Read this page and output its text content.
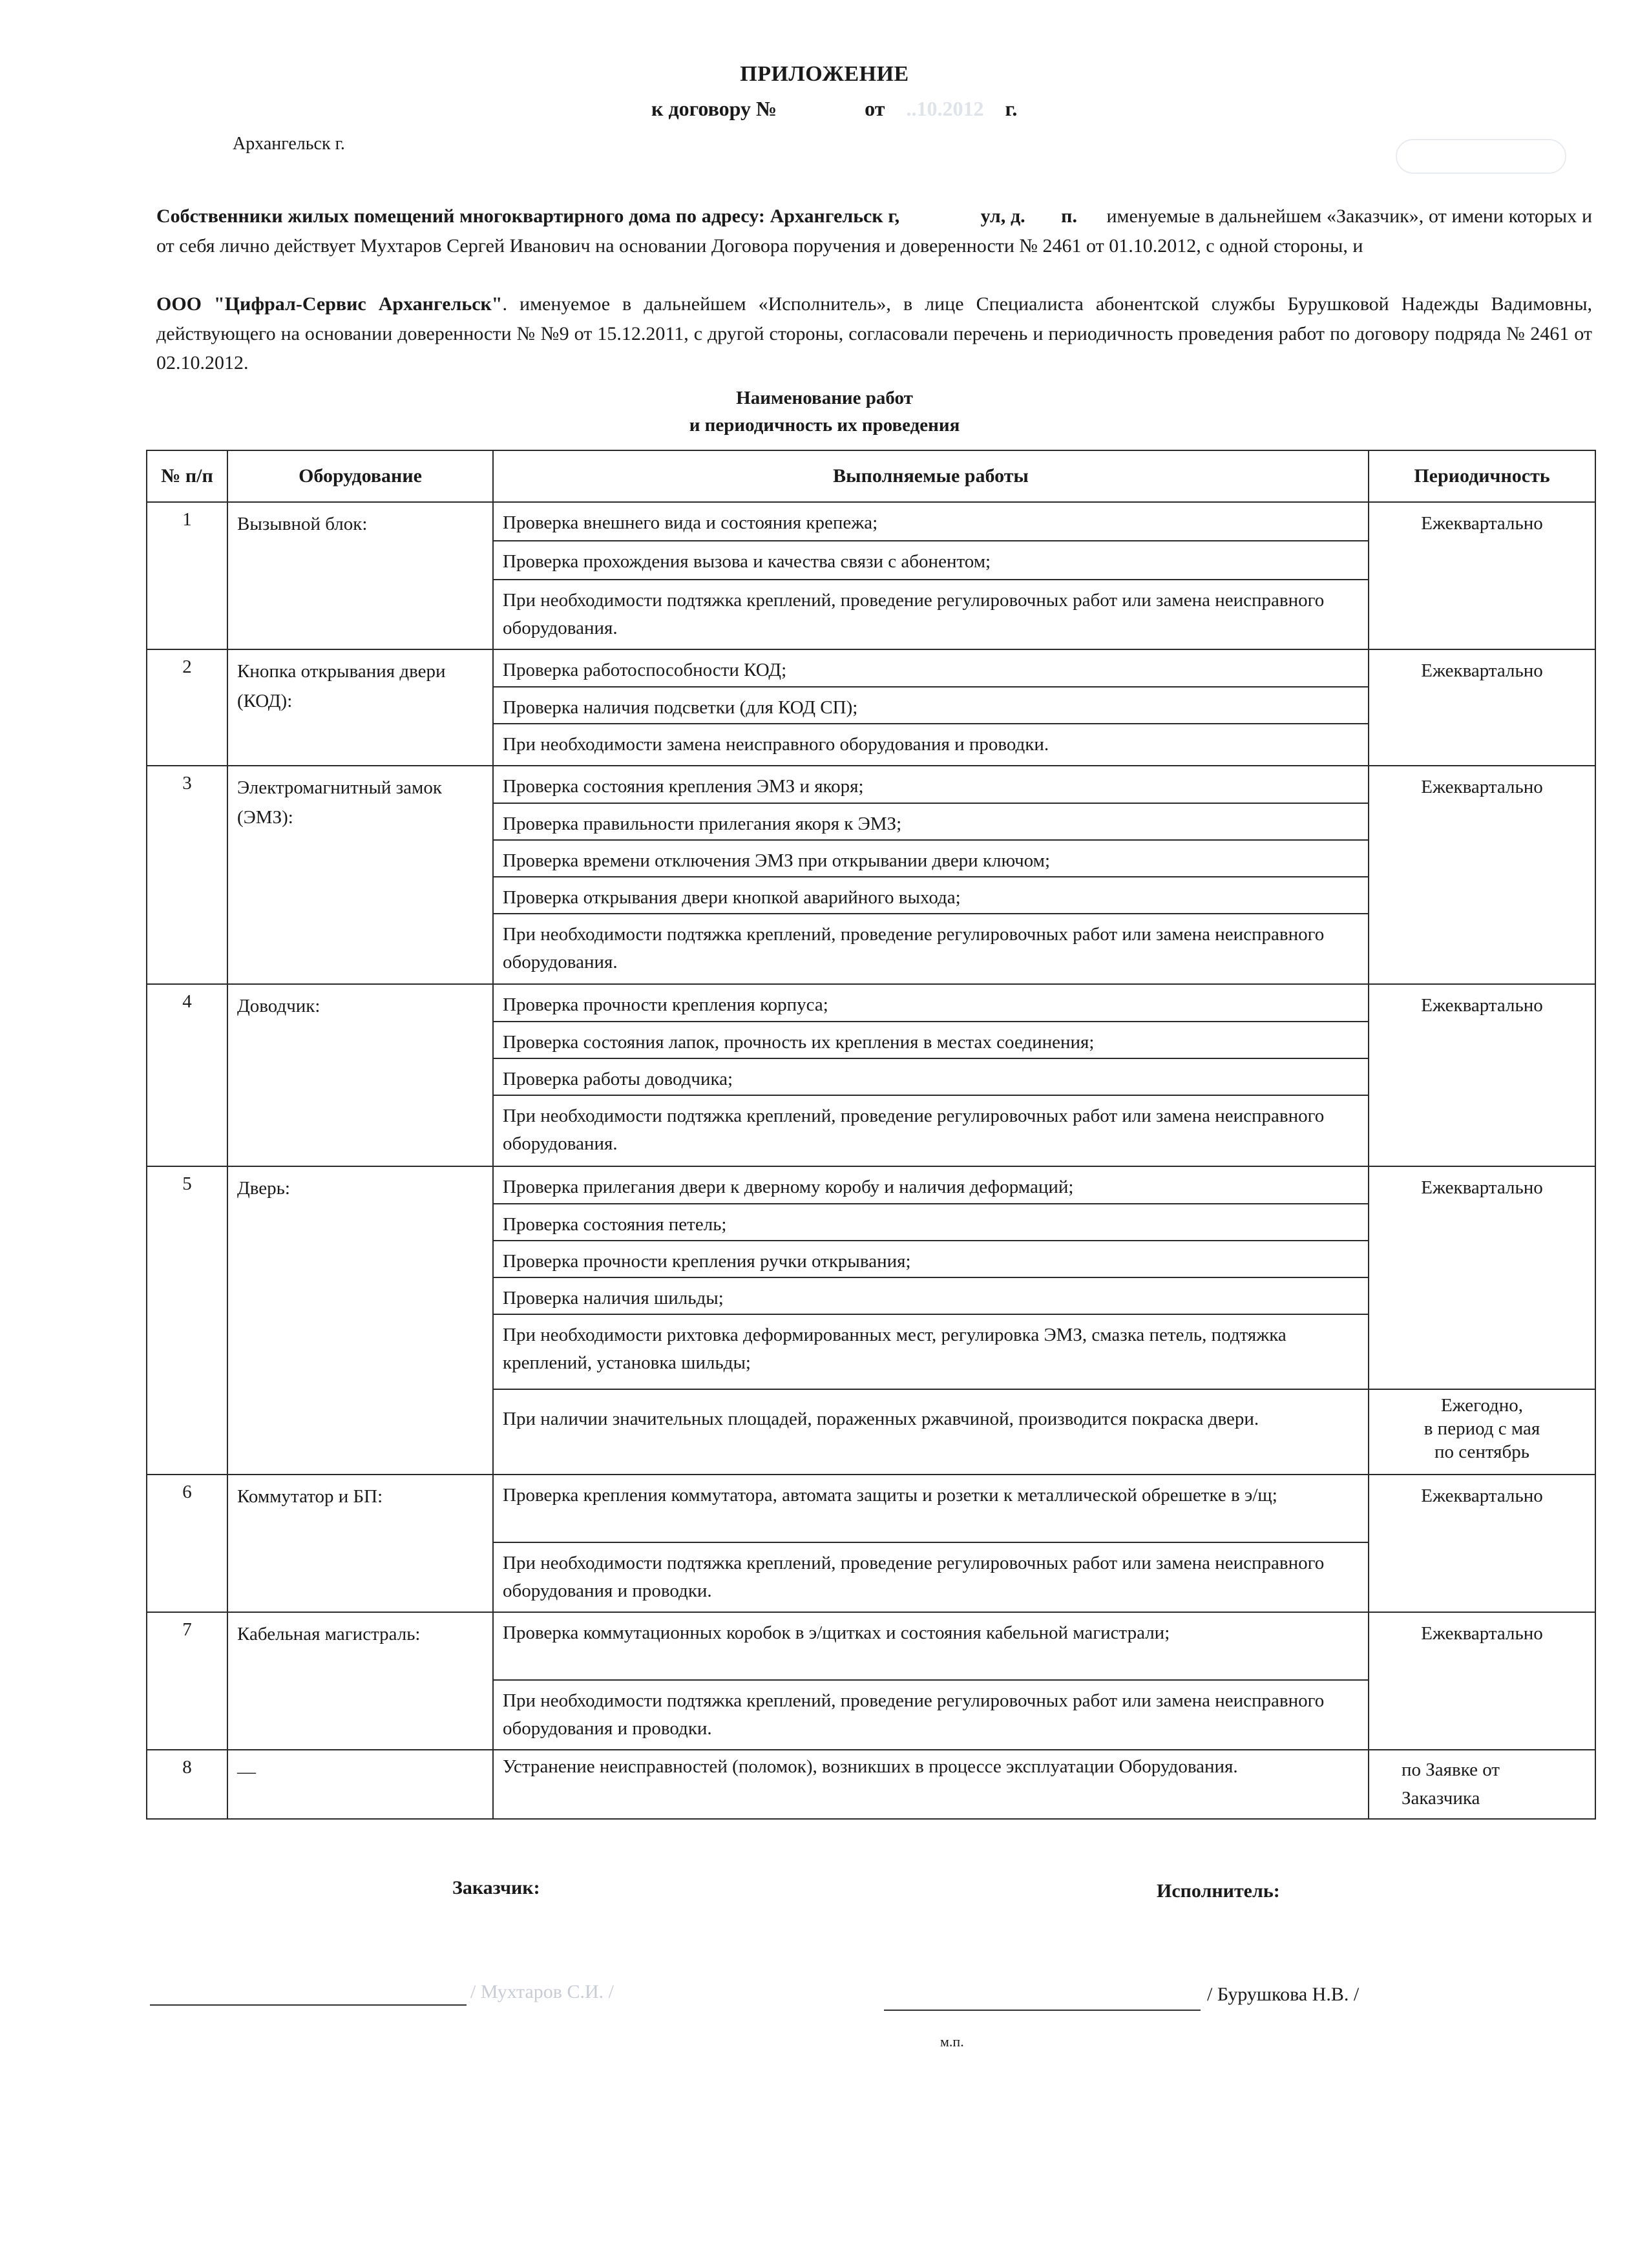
ПРИЛОЖЕНИЕ
к договору №	от ..10.2012 г.
Архангельск г.
Собственники жилых помещений многоквартирного дома по адресу: Архангельск г,	ул, д. п. именуемые в дальнейшем «Заказчик», от имени которых и от себя лично действует Мухтаров Сергей Иванович на основании Договора поручения и доверенности № 2461 от 01.10.2012, с одной стороны, и
ООО "Цифрал-Сервис Архангельск". именуемое в дальнейшем «Исполнитель», в лице Специалиста абонентской службы Бурушковой Надежды Вадимовны, действующего на основании доверенности № №9 от 15.12.2011, с другой стороны, согласовали перечень и периодичность проведения работ по договору подряда № 2461 от 02.10.2012.
Наименование работ
и периодичность их проведения
№ п/п	Оборудование	Выполняемые работы	Периодичность
1	Вызывной блок:	Проверка внешнего вида и состояния крепежа;
Проверка прохождения вызова и качества связи с абонентом;
При необходимости подтяжка креплений, проведение регулировочных работ или замена неисправного оборудования.	Ежеквартально
2	Кнопка открывания двери (КОД):	Проверка работоспособности КОД;
Проверка наличия подсветки (для КОД СП);
При необходимости замена неисправного оборудования и проводки.	Ежеквартально
3	Электромагнитный замок (ЭМЗ):	Проверка состояния крепления ЭМЗ и якоря;
Проверка правильности прилегания якоря к ЭМЗ;
Проверка времени отключения ЭМЗ при открывании двери ключом;
Проверка открывания двери кнопкой аварийного выхода;
При необходимости подтяжка креплений, проведение регулировочных работ или замена неисправного оборудования.	Ежеквартально
4	Доводчик:	Проверка прочности крепления корпуса;
Проверка состояния лапок, прочность их крепления в местах соединения;
Проверка работы доводчика;
При необходимости подтяжка креплений, проведение регулировочных работ или замена неисправного оборудования.	Ежеквартально
5	Дверь:	Проверка прилегания двери к дверному коробу и наличия деформаций;
Проверка состояния петель;
Проверка прочности крепления ручки открывания;
Проверка наличия шильды;
При необходимости рихтовка деформированных мест, регулировка ЭМЗ, смазка петель, подтяжка креплений, установка шильды;	Ежеквартально

		При наличии значительных площадей, пораженных ржавчиной, производится покраска двери.	Ежегодно,
в период с мая
по сентябрь

6	Коммутатор и БП:	Проверка крепления коммутатора, автомата защиты и розетки к металлической обрешетке в э/щ;
При необходимости подтяжка креплений, проведение регулировочных работ или замена неисправного оборудования и проводки.	Ежеквартально
7	Кабельная магистраль:	Проверка коммутационных коробок в э/щитках и состояния кабельной магистрали;
При необходимости подтяжка креплений, проведение регулировочных работ или замена неисправного оборудования и проводки.	Ежеквартально
8	—	Устранение неисправностей (поломок), возникших в процессе эксплуатации Оборудования.	по Заявке от
Заказчика
Заказчик:	Исполнитель:
/ Мухтаров С.И. /	/ Бурушкова Н.В. /
м.п.
